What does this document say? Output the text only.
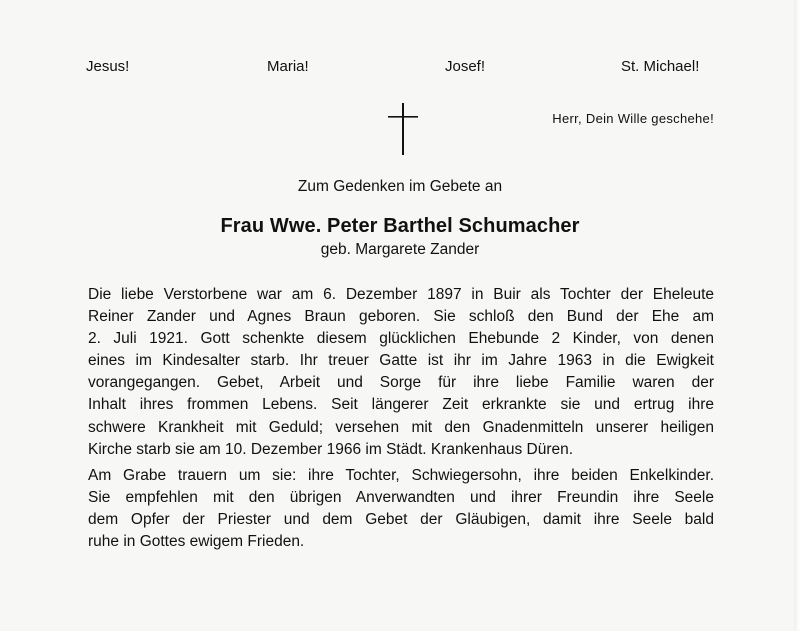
Jesus!	Maria!	Josef!	St. Michael!
Herr, Dein Wille geschehe!
Zum Gedenken im Gebete an
Frau Wwe. Peter Barthel Schumacher
geb. Margarete Zander
Die liebe Verstorbene war am 6. Dezember 1897 in Buir als Tochter der Eheleute
Reiner Zander und Agnes Braun geboren. Sie schloß den Bund der Ehe am
2. Juli 1921. Gott schenkte diesem glücklichen Ehebunde 2 Kinder, von denen
eines im Kindesalter starb. Ihr treuer Gatte ist ihr im Jahre 1963 in die Ewigkeit
vorangegangen. Gebet, Arbeit und Sorge für ihre liebe Familie waren der
Inhalt ihres frommen Lebens. Seit längerer Zeit erkrankte sie und ertrug ihre
schwere Krankheit mit Geduld; versehen mit den Gnadenmitteln unserer heiligen
Kirche starb sie am 10. Dezember 1966 im Städt. Krankenhaus Düren.
Am Grabe trauern um sie: ihre Tochter, Schwiegersohn, ihre beiden Enkelkinder.
Sie empfehlen mit den übrigen Anverwandten und ihrer Freundin ihre Seele
dem Opfer der Priester und dem Gebet der Gläubigen, damit ihre Seele bald
ruhe in Gottes ewigem Frieden.
